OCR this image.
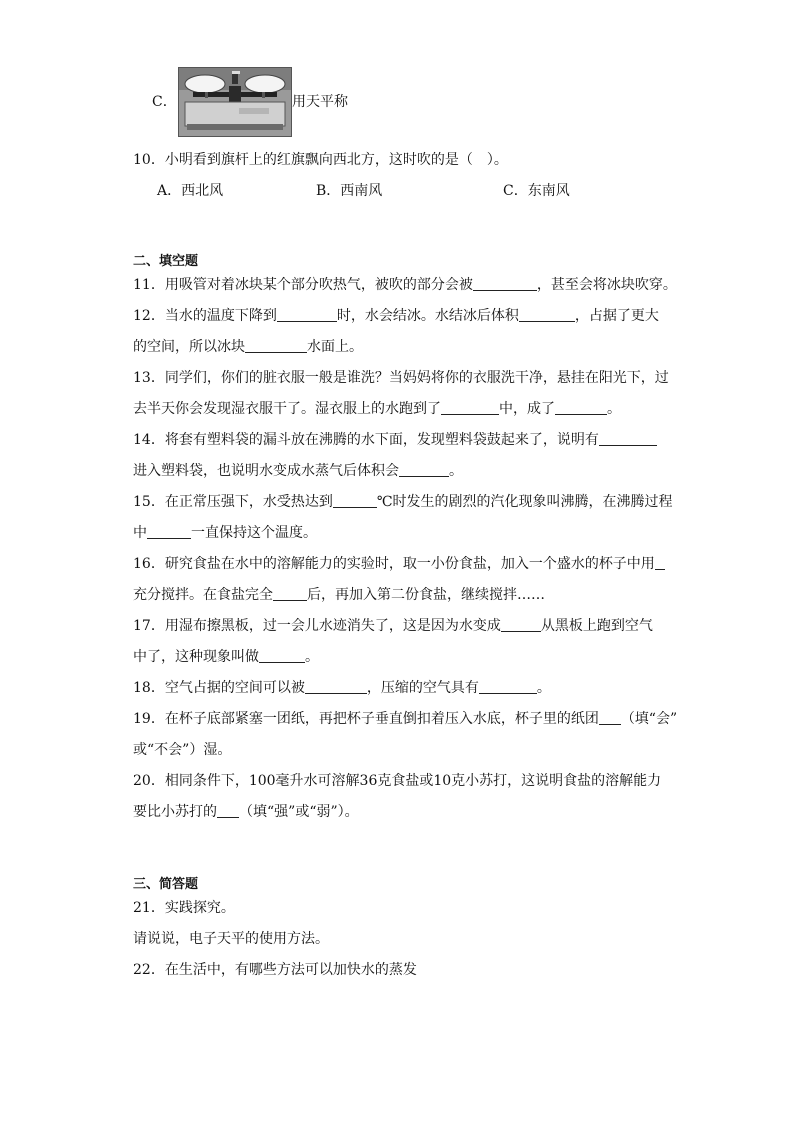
C．	用天平称
10．小明看到旗杆上的红旗飘向西北方，这时吹的是（　）。
A．西北风	B．西南风	C．东南风
二、填空题
11．用吸管对着冰块某个部分吹热气，被吹的部分会被	，甚至会将冰块吹穿。
12．当水的温度下降到	时，水会结冰。水结冰后体积	，占据了更大
的空间，所以冰块	水面上。
13．同学们，你们的脏衣服一般是谁洗？当妈妈将你的衣服洗干净，悬挂在阳光下，过
去半天你会发现湿衣服干了。湿衣服上的水跑到了	中，成了	。
14．将套有塑料袋的漏斗放在沸腾的水下面，发现塑料袋鼓起来了，说明有
进入塑料袋，也说明水变成水蒸气后体积会	。
15．在正常压强下，水受热达到	℃时发生的剧烈的汽化现象叫沸腾，在沸腾过程
中	一直保持这个温度。
16．研究食盐在水中的溶解能力的实验时，取一小份食盐，加入一个盛水的杯子中用
充分搅拌。在食盐完全 后，再加入第二份食盐，继续搅拌……
17．用湿布擦黑板，过一会儿水迹消失了，这是因为水变成	从黑板上跑到空气
中了，这种现象叫做	。
18．空气占据的空间可以被	，压缩的空气具有	。
19．在杯子底部紧塞一团纸，再把杯子垂直倒扣着压入水底，杯子里的纸团 （填“会”
或“不会”）湿。
20．相同条件下，100毫升水可溶解36克食盐或10克小苏打，这说明食盐的溶解能力
要比小苏打的 （填“强”或“弱”）。
三、简答题
21．实践探究。
请说说，电子天平的使用方法。
22．在生活中，有哪些方法可以加快水的蒸发
